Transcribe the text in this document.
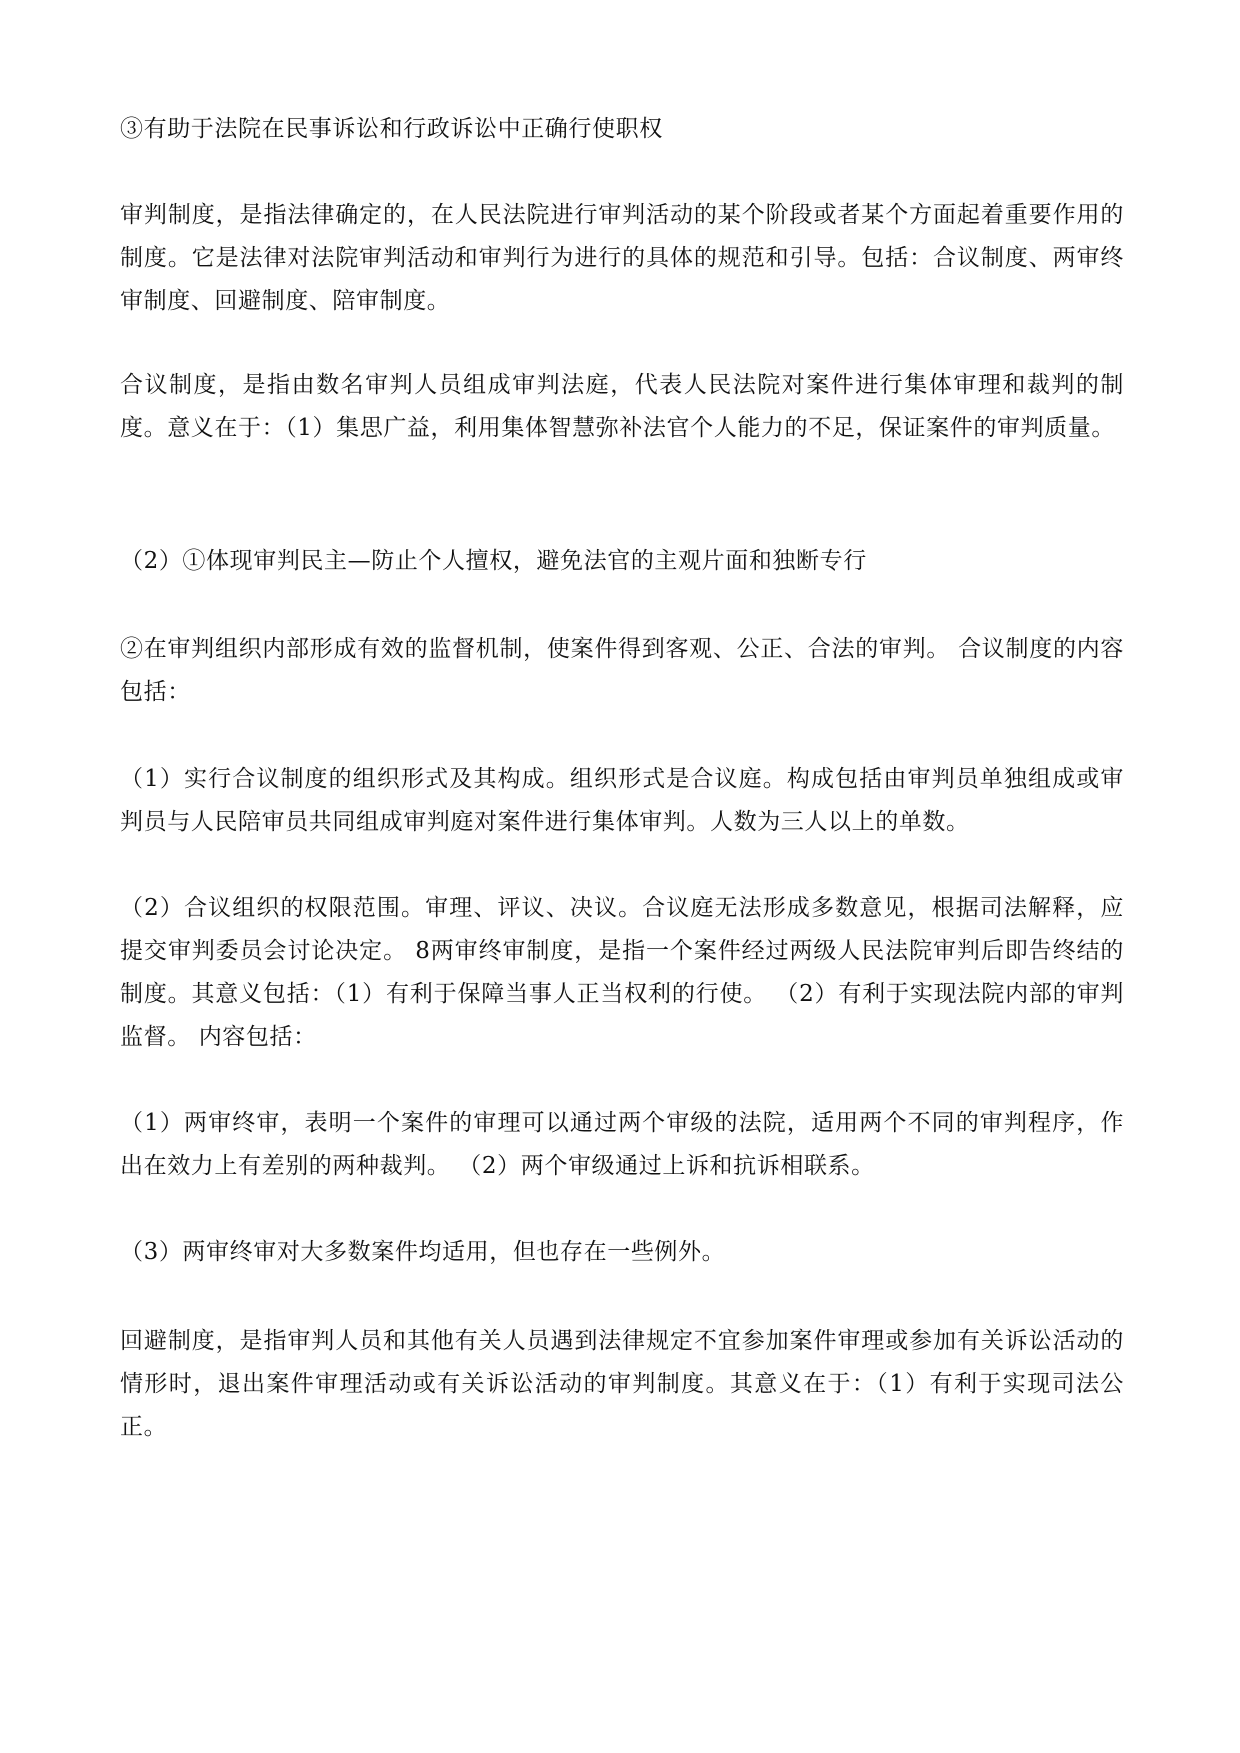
③有助于法院在民事诉讼和行政诉讼中正确行使职权

审判制度，是指法律确定的，在人民法院进行审判活动的某个阶段或者某个方面起着重要作用的制度。它是法律对法院审判活动和审判行为进行的具体的规范和引导。包括：合议制度、两审终审制度、回避制度、陪审制度。

合议制度，是指由数名审判人员组成审判法庭，代表人民法院对案件进行集体审理和裁判的制度。意义在于：（1）集思广益，利用集体智慧弥补法官个人能力的不足，保证案件的审判质量。

（2）①体现审判民主—防止个人擅权，避免法官的主观片面和独断专行

②在审判组织内部形成有效的监督机制，使案件得到客观、公正、合法的审判。 合议制度的内容包括：

（1）实行合议制度的组织形式及其构成。组织形式是合议庭。构成包括由审判员单独组成或审判员与人民陪审员共同组成审判庭对案件进行集体审判。人数为三人以上的单数。

（2）合议组织的权限范围。审理、评议、决议。合议庭无法形成多数意见，根据司法解释，应提交审判委员会讨论决定。 8两审终审制度，是指一个案件经过两级人民法院审判后即告终结的制度。其意义包括：（1）有利于保障当事人正当权利的行使。 （2）有利于实现法院内部的审判监督。 内容包括：

（1）两审终审，表明一个案件的审理可以通过两个审级的法院，适用两个不同的审判程序，作出在效力上有差别的两种裁判。 （2）两个审级通过上诉和抗诉相联系。

（3）两审终审对大多数案件均适用，但也存在一些例外。

回避制度，是指审判人员和其他有关人员遇到法律规定不宜参加案件审理或参加有关诉讼活动的情形时，退出案件审理活动或有关诉讼活动的审判制度。其意义在于：（1）有利于实现司法公正。
